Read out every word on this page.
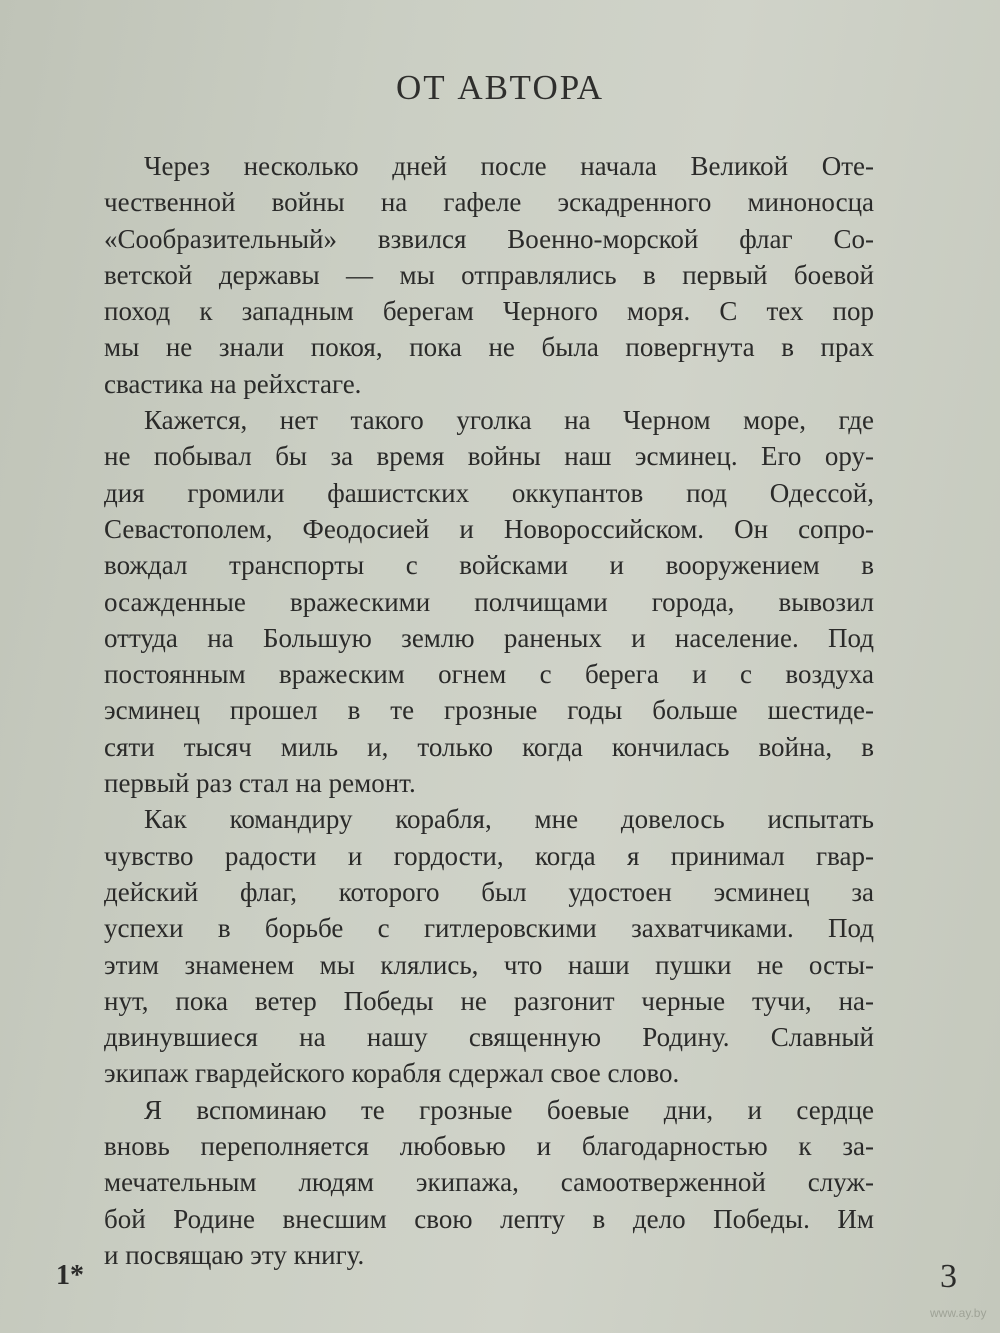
ОТ АВТОРА
Через несколько дней после начала Великой Оте-
чественной войны на гафеле эскадренного миноносца
«Сообразительный» взвился Военно-морской флаг Со-
ветской державы — мы отправлялись в первый боевой
поход к западным берегам Черного моря. С тех пор
мы не знали покоя, пока не была повергнута в прах
свастика на рейхстаге.
Кажется, нет такого уголка на Черном море, где
не побывал бы за время войны наш эсминец. Его ору-
дия громили фашистских оккупантов под Одессой,
Севастополем, Феодосией и Новороссийском. Он сопро-
вождал транспорты с войсками и вооружением в
осажденные вражескими полчищами города, вывозил
оттуда на Большую землю раненых и население. Под
постоянным вражеским огнем с берега и с воздуха
эсминец прошел в те грозные годы больше шестиде-
сяти тысяч миль и, только когда кончилась война, в
первый раз стал на ремонт.
Как командиру корабля, мне довелось испытать
чувство радости и гордости, когда я принимал гвар-
дейский флаг, которого был удостоен эсминец за
успехи в борьбе с гитлеровскими захватчиками. Под
этим знаменем мы клялись, что наши пушки не осты-
нут, пока ветер Победы не разгонит черные тучи, на-
двинувшиеся на нашу священную Родину. Славный
экипаж гвардейского корабля сдержал свое слово.
Я вспоминаю те грозные боевые дни, и сердце
вновь переполняется любовью и благодарностью к за-
мечательным людям экипажа, самоотверженной служ-
бой Родине внесшим свою лепту в дело Победы. Им
и посвящаю эту книгу.
1*	3
www.ay.by
